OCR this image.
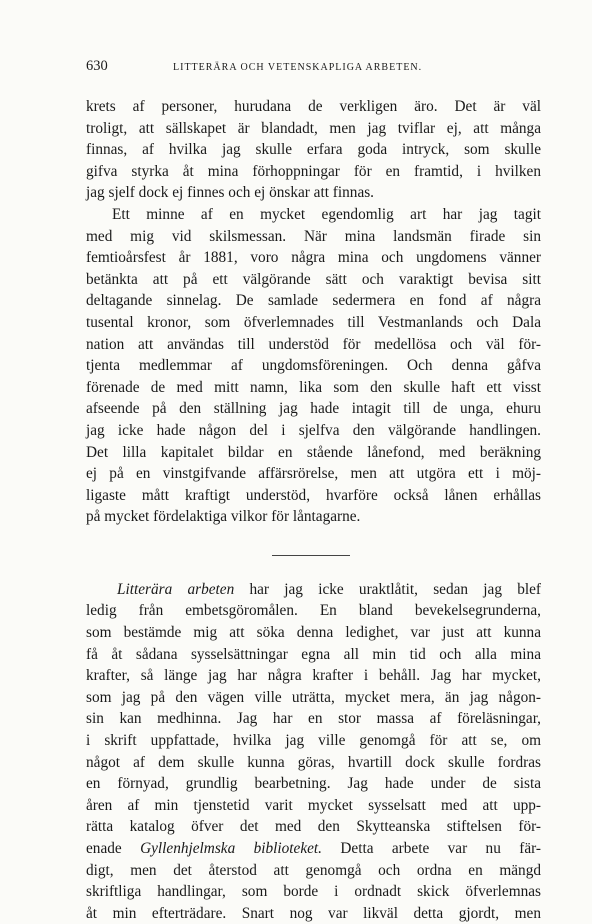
630	LITTERÄRA OCH VETENSKAPLIGA ARBETEN.
krets af personer, hurudana de verkligen äro. Det är väl
troligt, att sällskapet är blandadt, men jag tviflar ej, att många
finnas, af hvilka jag skulle erfara goda intryck, som skulle
gifva styrka åt mina förhoppningar för en framtid, i hvilken
jag sjelf dock ej finnes och ej önskar att finnas.
Ett minne af en mycket egendomlig art har jag tagit
med mig vid skilsmessan. När mina landsmän firade sin
femtioårsfest år 1881, voro några mina och ungdomens vänner
betänkta att på ett välgörande sätt och varaktigt bevisa sitt
deltagande sinnelag. De samlade sedermera en fond af några
tusental kronor, som öfverlemnades till Vestmanlands och Dala
nation att användas till understöd för medellösa och väl för-
tjenta medlemmar af ungdomsföreningen. Och denna gåfva
förenade de med mitt namn, lika som den skulle haft ett visst
afseende på den ställning jag hade intagit till de unga, ehuru
jag icke hade någon del i sjelfva den välgörande handlingen.
Det lilla kapitalet bildar en stående lånefond, med beräkning
ej på en vinstgifvande affärsrörelse, men att utgöra ett i möj-
ligaste mått kraftigt understöd, hvarföre också lånen erhållas
på mycket fördelaktiga vilkor för låntagarne.
Litterära arbeten har jag icke uraktlåtit, sedan jag blef
ledig från embetsgöromålen. En bland bevekelsegrunderna,
som bestämde mig att söka denna ledighet, var just att kunna
få åt sådana sysselsättningar egna all min tid och alla mina
krafter, så länge jag har några krafter i behåll. Jag har mycket,
som jag på den vägen ville uträtta, mycket mera, än jag någon-
sin kan medhinna. Jag har en stor massa af föreläsningar,
i skrift uppfattade, hvilka jag ville genomgå för att se, om
något af dem skulle kunna göras, hvartill dock skulle fordras
en förnyad, grundlig bearbetning. Jag hade under de sista
åren af min tjenstetid varit mycket sysselsatt med att upp-
rätta katalog öfver det med den Skytteanska stiftelsen för-
enade Gyllenhjelmska biblioteket. Detta arbete var nu fär-
digt, men det återstod att genomgå och ordna en mängd
skriftliga handlingar, som borde i ordnadt skick öfverlemnas
åt min efterträdare. Snart nog var likväl detta gjordt, men
